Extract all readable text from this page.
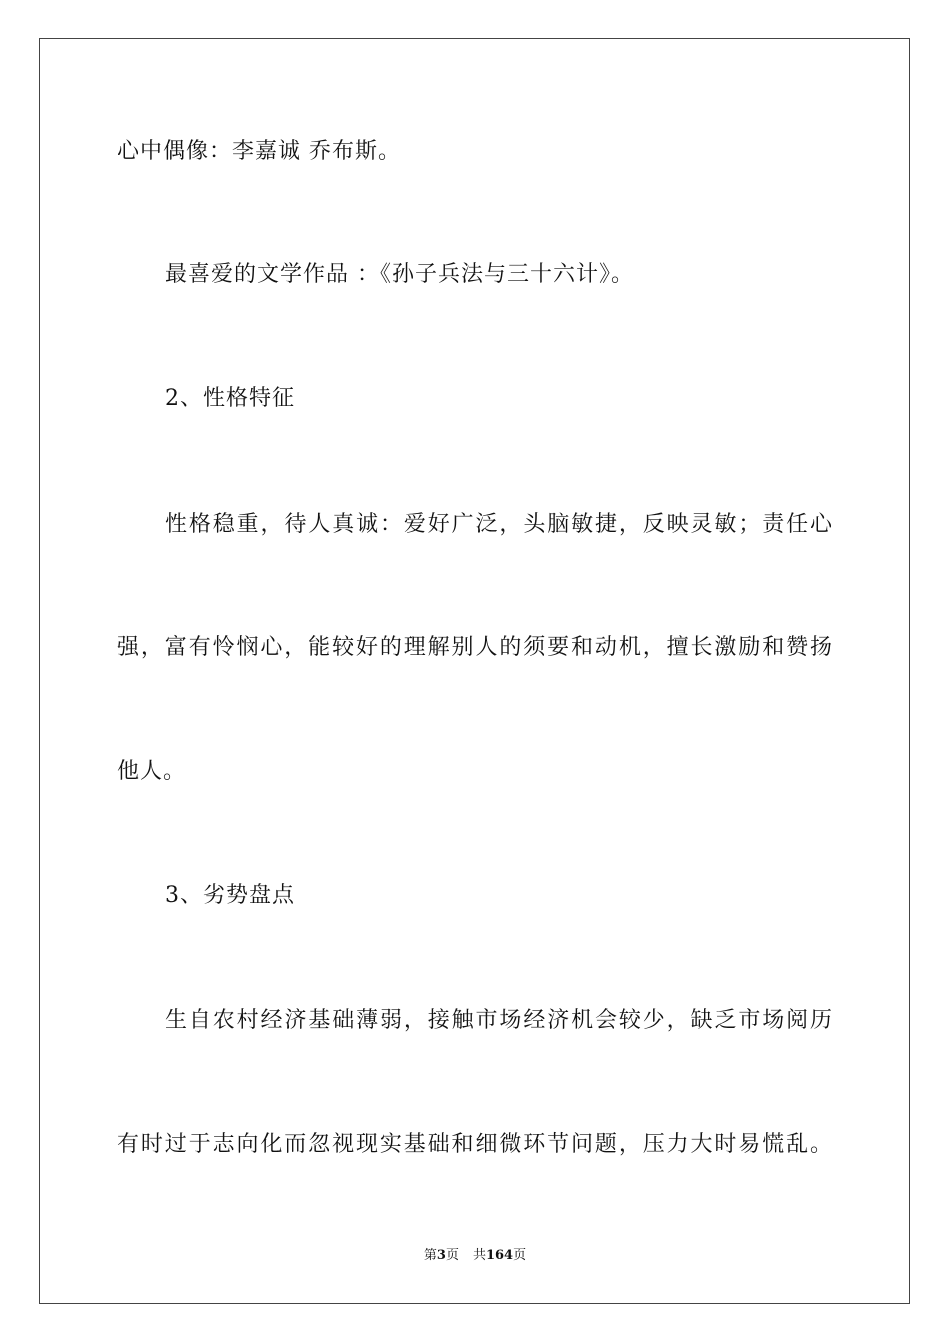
心中偶像：李嘉诚 乔布斯。
最喜爱的文学作品 ：《孙子兵法与三十六计》。
2、性格特征
性格稳重，待人真诚：爱好广泛，头脑敏捷，反映灵敏；责任心
强，富有怜悯心，能较好的理解别人的须要和动机，擅长激励和赞扬
他人。
3、劣势盘点
生自农村经济基础薄弱，接触市场经济机会较少，缺乏市场阅历
有时过于志向化而忽视现实基础和细微环节问题，压力大时易慌乱。
第3页 共164页
